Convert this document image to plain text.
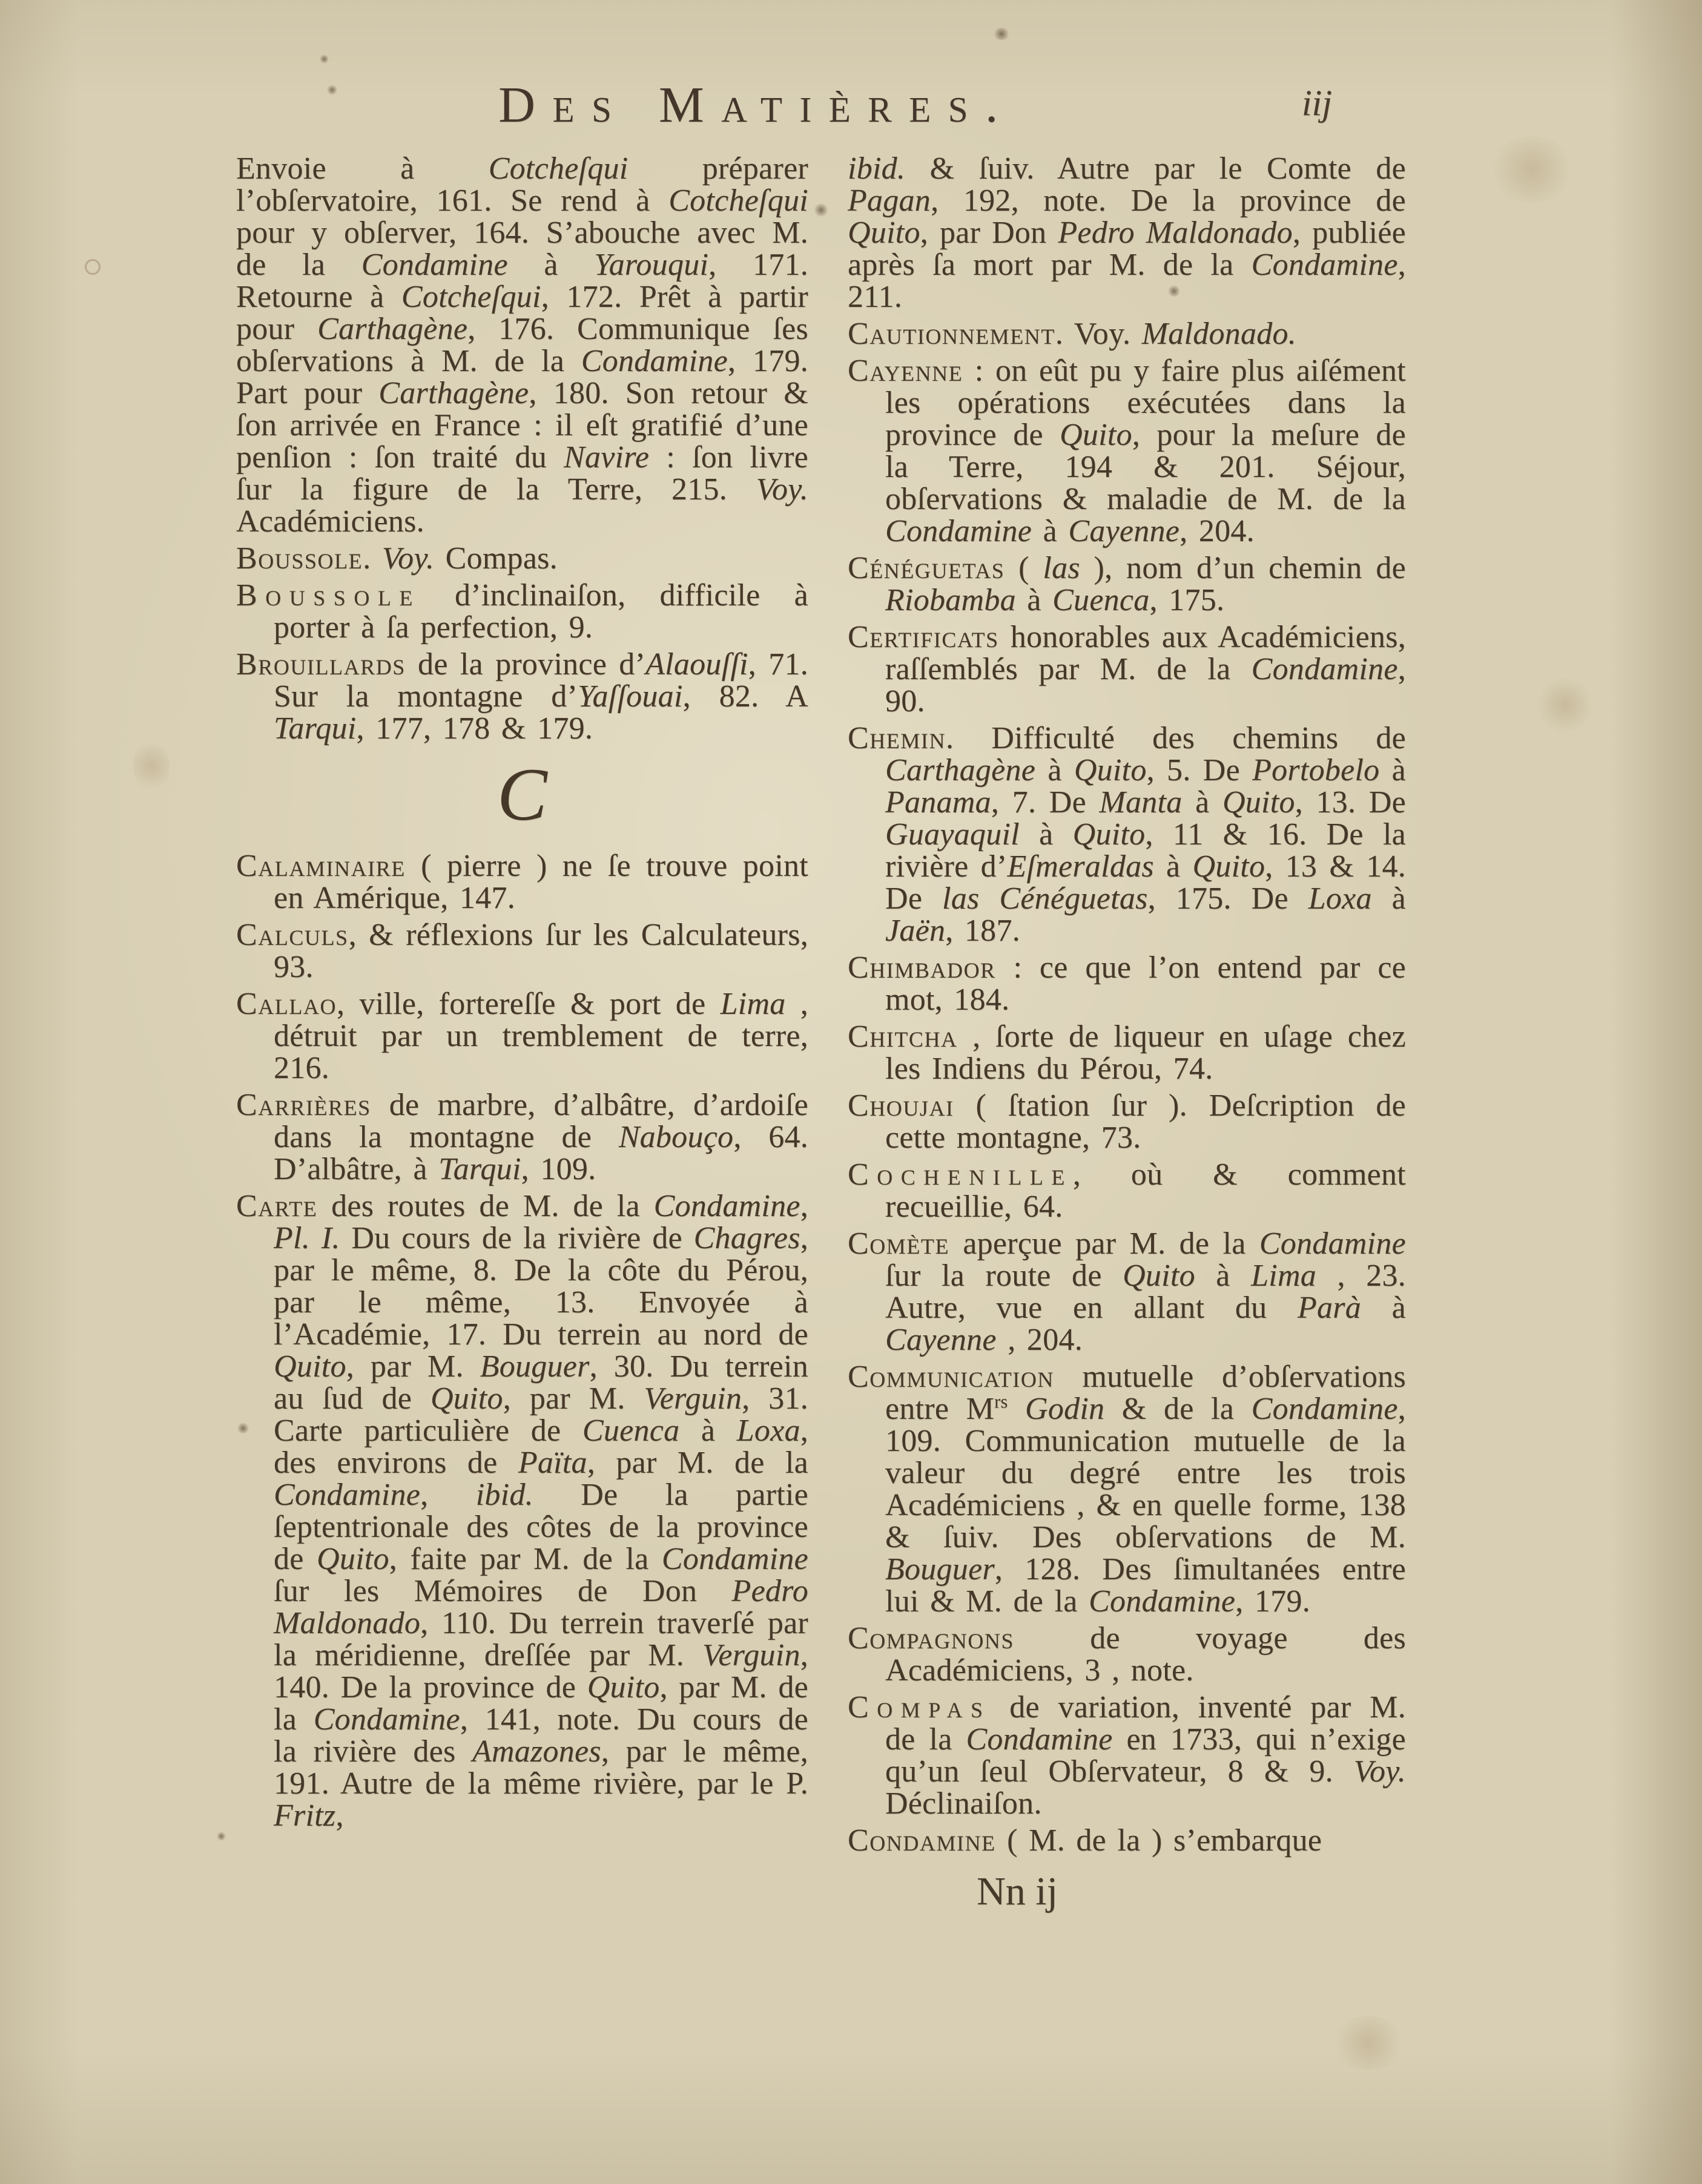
Des Matières.	iij

Envoie à Cotcheſqui préparer l’obſervatoire, 161. Se rend à Cotcheſqui pour y obſerver, 164. S’abouche avec M. de la Condamine à Yarouqui, 171. Retourne à Cotcheſqui, 172. Prêt à partir pour Carthagène, 176. Communique ſes obſervations à M. de la Condamine, 179. Part pour Carthagène, 180. Son retour & ſon arrivée en France : il eſt gratifié d’une penſion : ſon traité du Navire : ſon livre ſur la figure de la Terre, 215. Voy. Académiciens.

Boussole. Voy. Compas.

Boussole d’inclinaiſon, difficile à porter à ſa perfection, 9.

Brouillards de la province d’Alaouſſi, 71. Sur la montagne d’Yaſſouai, 82. A Tarqui, 177, 178 & 179.

C

Calaminaire ( pierre ) ne ſe trouve point en Amérique, 147.

Calculs, & réflexions ſur les Calculateurs, 93.

Callao, ville, fortereſſe & port de Lima , détruit par un tremblement de terre, 216.

Carrières de marbre, d’albâtre, d’ardoiſe dans la montagne de Nabouço, 64. D’albâtre, à Tarqui, 109.

Carte des routes de M. de la Condamine, Pl. I. Du cours de la rivière de Chagres, par le même, 8. De la côte du Pérou, par le même, 13. Envoyée à l’Académie, 17. Du terrein au nord de Quito, par M. Bouguer, 30. Du terrein au ſud de Quito, par M. Verguin, 31. Carte particulière de Cuenca à Loxa, des environs de Païta, par M. de la Condamine, ibid. De la partie ſeptentrionale des côtes de la province de Quito, faite par M. de la Condamine ſur les Mémoires de Don Pedro Maldonado, 110. Du terrein traverſé par la méridienne, dreſſée par M. Verguin, 140. De la province de Quito, par M. de la Condamine, 141, note. Du cours de la rivière des Amazones, par le même, 191. Autre de la même rivière, par le P. Fritz,

ibid. & ſuiv. Autre par le Comte de Pagan, 192, note. De la province de Quito, par Don Pedro Maldonado, publiée après ſa mort par M. de la Condamine, 211.

Cautionnement. Voy. Maldonado.

Cayenne : on eût pu y faire plus aiſément les opérations exécutées dans la province de Quito, pour la meſure de la Terre, 194 & 201. Séjour, obſervations & maladie de M. de la Condamine à Cayenne, 204.

Cénéguetas ( las ), nom d’un chemin de Riobamba à Cuenca, 175.

Certificats honorables aux Académiciens, raſſemblés par M. de la Condamine, 90.

Chemin. Difficulté des chemins de Carthagène à Quito, 5. De Portobelo à Panama, 7. De Manta à Quito, 13. De Guayaquil à Quito, 11 & 16. De la rivière d’Eſmeraldas à Quito, 13 & 14. De las Cénéguetas, 175. De Loxa à Jaën, 187.

Chimbador : ce que l’on entend par ce mot, 184.

Chitcha , ſorte de liqueur en uſage chez les Indiens du Pérou, 74.

Choujai ( ſtation ſur ). Deſcription de cette montagne, 73.

Cochenille, où & comment recueillie, 64.

Comète aperçue par M. de la Condamine ſur la route de Quito à Lima , 23. Autre, vue en allant du Parà à Cayenne , 204.

Communication mutuelle d’obſervations entre $M^{rs}$ Godin & de la Condamine, 109. Communication mutuelle de la valeur du degré entre les trois Académiciens , & en quelle forme, 138 & ſuiv. Des obſervations de M. Bouguer, 128. Des ſimultanées entre lui & M. de la Condamine, 179.

Compagnons de voyage des Académiciens, 3 , note.

Compas de variation, inventé par M. de la Condamine en 1733, qui n’exige qu’un ſeul Obſervateur, 8 & 9. Voy. Déclinaiſon.

Condamine ( M. de la ) s’embarque

Nn ij
